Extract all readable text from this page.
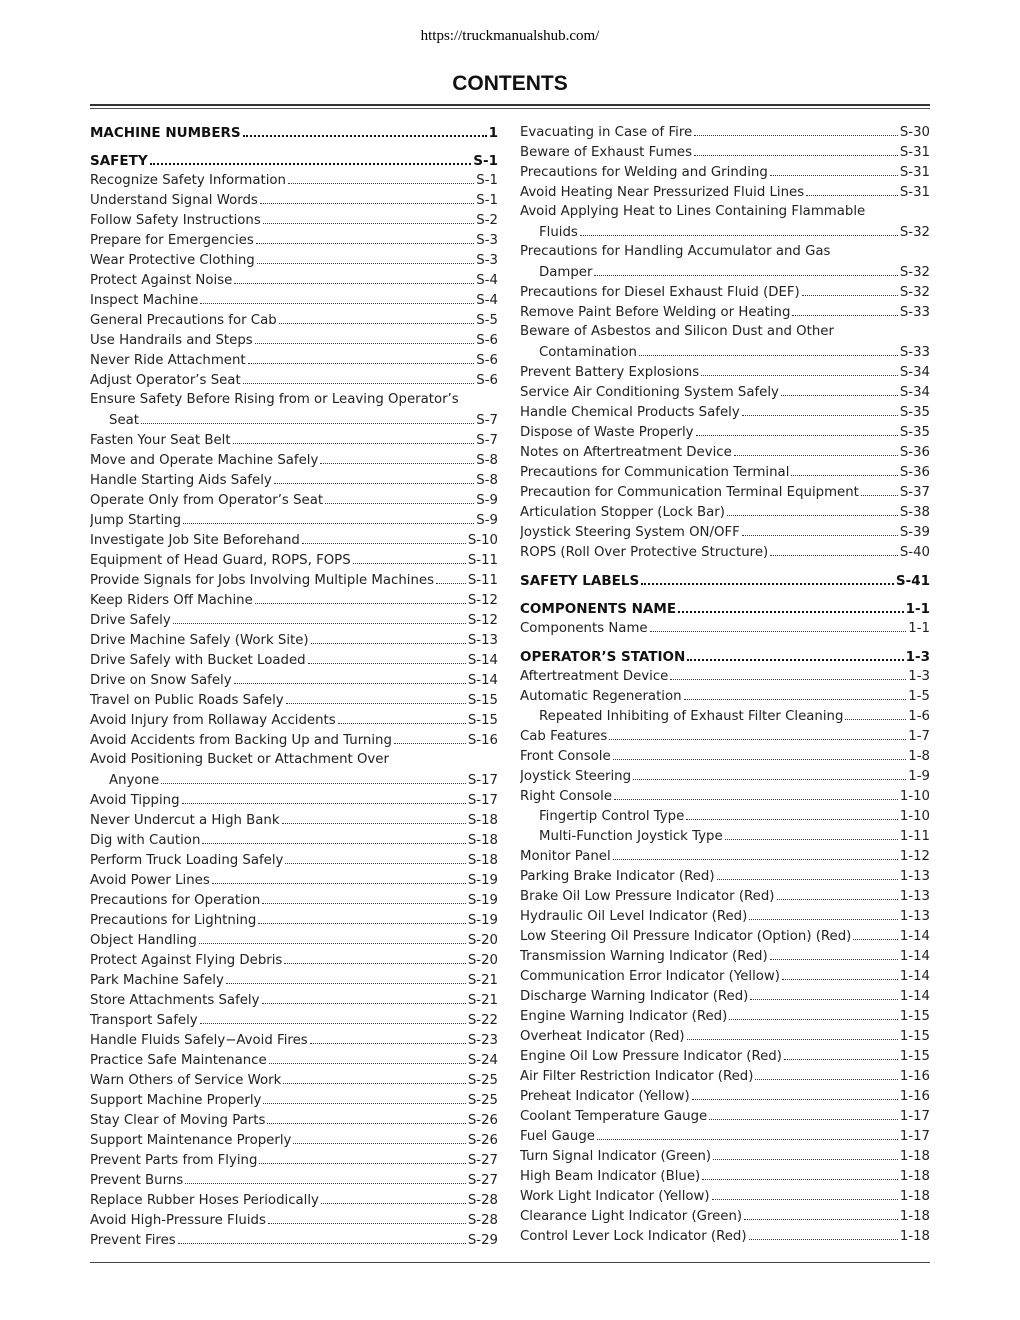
https://truckmanualshub.com/
CONTENTS
MACHINE NUMBERS	1
SAFETY	S-1
Recognize Safety Information	S-1
Understand Signal Words	S-1
Follow Safety Instructions	S-2
Prepare for Emergencies	S-3
Wear Protective Clothing	S-3
Protect Against Noise	S-4
Inspect Machine	S-4
General Precautions for Cab	S-5
Use Handrails and Steps	S-6
Never Ride Attachment	S-6
Adjust Operator’s Seat	S-6
Ensure Safety Before Rising from or Leaving Operator’s
Seat	S-7
Fasten Your Seat Belt	S-7
Move and Operate Machine Safely	S-8
Handle Starting Aids Safely	S-8
Operate Only from Operator’s Seat	S-9
Jump Starting	S-9
Investigate Job Site Beforehand	S-10
Equipment of Head Guard, ROPS, FOPS	S-11
Provide Signals for Jobs Involving Multiple Machines	S-11
Keep Riders Off Machine	S-12
Drive Safely	S-12
Drive Machine Safely (Work Site)	S-13
Drive Safely with Bucket Loaded	S-14
Drive on Snow Safely	S-14
Travel on Public Roads Safely	S-15
Avoid Injury from Rollaway Accidents	S-15
Avoid Accidents from Backing Up and Turning	S-16
Avoid Positioning Bucket or Attachment Over
Anyone	S-17
Avoid Tipping	S-17
Never Undercut a High Bank	S-18
Dig with Caution	S-18
Perform Truck Loading Safely	S-18
Avoid Power Lines	S-19
Precautions for Operation	S-19
Precautions for Lightning	S-19
Object Handling	S-20
Protect Against Flying Debris	S-20
Park Machine Safely	S-21
Store Attachments Safely	S-21
Transport Safely	S-22
Handle Fluids Safely−Avoid Fires	S-23
Practice Safe Maintenance	S-24
Warn Others of Service Work	S-25
Support Machine Properly	S-25
Stay Clear of Moving Parts	S-26
Support Maintenance Properly	S-26
Prevent Parts from Flying	S-27
Prevent Burns	S-27
Replace Rubber Hoses Periodically	S-28
Avoid High-Pressure Fluids	S-28
Prevent Fires	S-29
Evacuating in Case of Fire	S-30
Beware of Exhaust Fumes	S-31
Precautions for Welding and Grinding	S-31
Avoid Heating Near Pressurized Fluid Lines	S-31
Avoid Applying Heat to Lines Containing Flammable
Fluids	S-32
Precautions for Handling Accumulator and Gas
Damper	S-32
Precautions for Diesel Exhaust Fluid (DEF)	S-32
Remove Paint Before Welding or Heating	S-33
Beware of Asbestos and Silicon Dust and Other
Contamination	S-33
Prevent Battery Explosions	S-34
Service Air Conditioning System Safely	S-34
Handle Chemical Products Safely	S-35
Dispose of Waste Properly	S-35
Notes on Aftertreatment Device	S-36
Precautions for Communication Terminal	S-36
Precaution for Communication Terminal Equipment	S-37
Articulation Stopper (Lock Bar)	S-38
Joystick Steering System ON/OFF	S-39
ROPS (Roll Over Protective Structure)	S-40
SAFETY LABELS	S-41
COMPONENTS NAME	1-1
Components Name	1-1
OPERATOR’S STATION	1-3
Aftertreatment Device	1-3
Automatic Regeneration	1-5
Repeated Inhibiting of Exhaust Filter Cleaning	1-6
Cab Features	1-7
Front Console	1-8
Joystick Steering	1-9
Right Console	1-10
Fingertip Control Type	1-10
Multi-Function Joystick Type	1-11
Monitor Panel	1-12
Parking Brake Indicator (Red)	1-13
Brake Oil Low Pressure Indicator (Red)	1-13
Hydraulic Oil Level Indicator (Red)	1-13
Low Steering Oil Pressure Indicator (Option) (Red)	1-14
Transmission Warning Indicator (Red)	1-14
Communication Error Indicator (Yellow)	1-14
Discharge Warning Indicator (Red)	1-14
Engine Warning Indicator (Red)	1-15
Overheat Indicator (Red)	1-15
Engine Oil Low Pressure Indicator (Red)	1-15
Air Filter Restriction Indicator (Red)	1-16
Preheat Indicator (Yellow)	1-16
Coolant Temperature Gauge	1-17
Fuel Gauge	1-17
Turn Signal Indicator (Green)	1-18
High Beam Indicator (Blue)	1-18
Work Light Indicator (Yellow)	1-18
Clearance Light Indicator (Green)	1-18
Control Lever Lock Indicator (Red)	1-18
